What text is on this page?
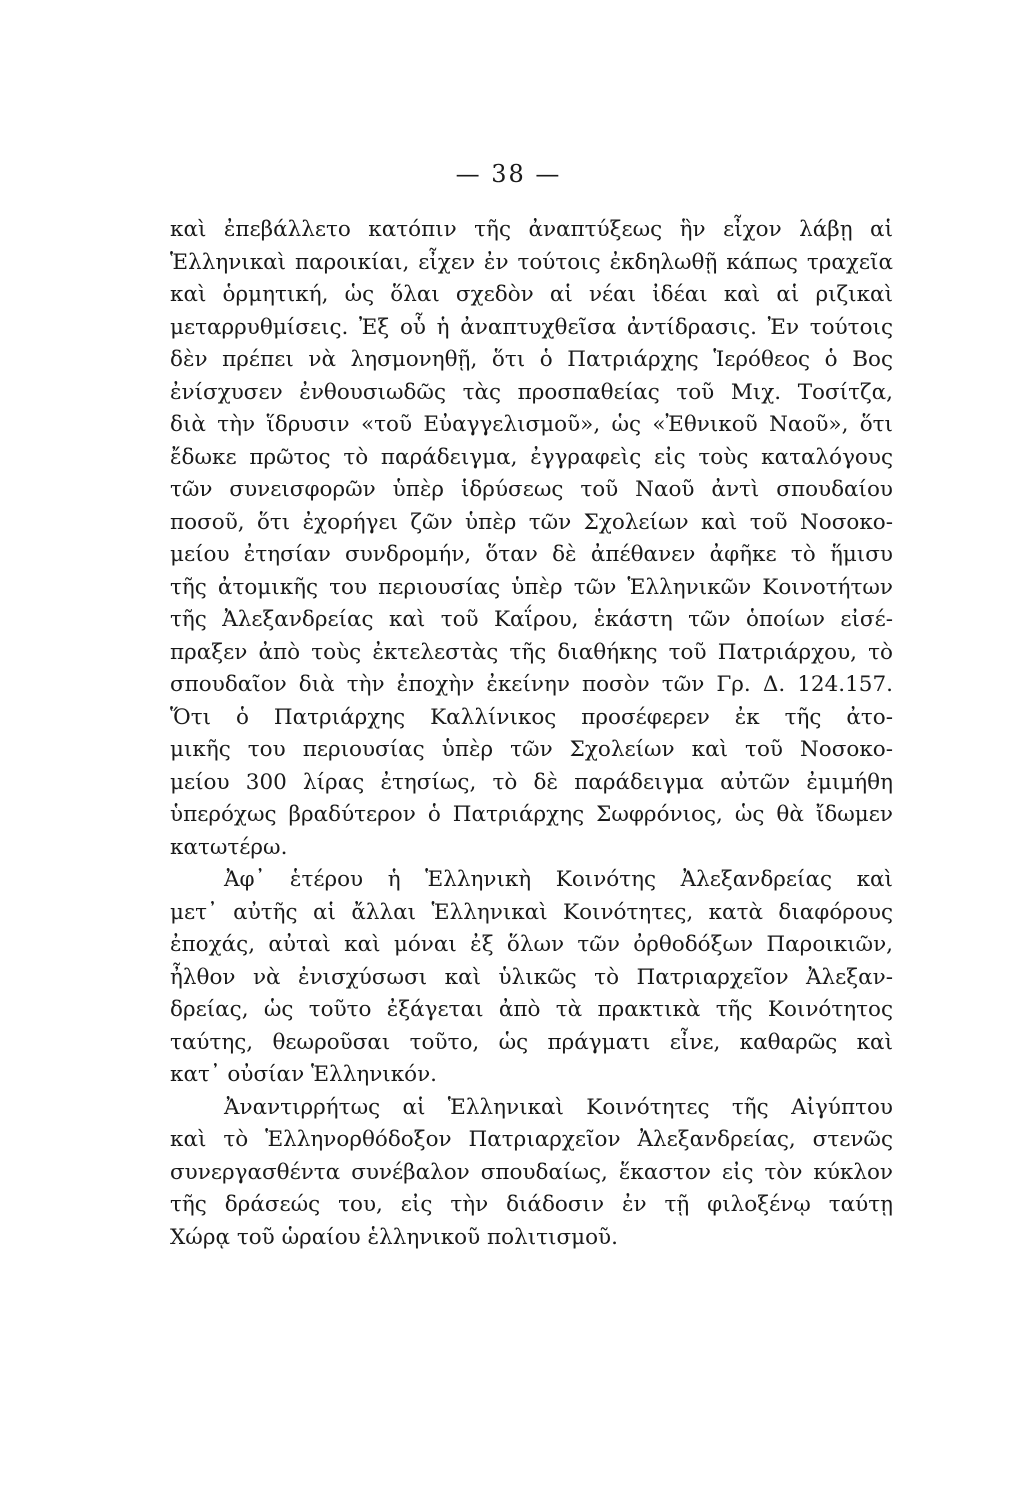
— 38 —
καὶ ἐπεβάλλετο κατόπιν τῆς ἀναπτύξεως ἣν εἶχον λάβῃ αἱ
Ἑλληνικαὶ παροικίαι, εἶχεν ἐν τούτοις ἐκδηλωθῇ κάπως τραχεῖα
καὶ ὁρμητική, ὡς ὅλαι σχεδὸν αἱ νέαι ἰδέαι καὶ αἱ ριζικαὶ
μεταρρυθμίσεις. Ἐξ οὗ ἡ ἀναπτυχθεῖσα ἀντίδρασις. Ἐν τούτοις
δὲν πρέπει νὰ λησμονηθῇ, ὅτι ὁ Πατριάρχης Ἱερόθεος ὁ Βος
ἐνίσχυσεν ἐνθουσιωδῶς τὰς προσπαθείας τοῦ Μιχ. Τοσίτζα,
διὰ τὴν ἵδρυσιν «τοῦ Εὐαγγελισμοῦ», ὡς «Ἐθνικοῦ Ναοῦ», ὅτι
ἔδωκε πρῶτος τὸ παράδειγμα, ἐγγραφεὶς εἰς τοὺς καταλόγους
τῶν συνεισφορῶν ὑπὲρ ἱδρύσεως τοῦ Ναοῦ ἀντὶ σπουδαίου
ποσοῦ, ὅτι ἐχορήγει ζῶν ὑπὲρ τῶν Σχολείων καὶ τοῦ Νοσοκο-
μείου ἐτησίαν συνδρομήν, ὅταν δὲ ἀπέθανεν ἀφῆκε τὸ ἥμισυ
τῆς ἀτομικῆς του περιουσίας ὑπὲρ τῶν Ἑλληνικῶν Κοινοτήτων
τῆς Ἀλεξανδρείας καὶ τοῦ Καΐρου, ἑκάστη τῶν ὁποίων εἰσέ-
πραξεν ἀπὸ τοὺς ἐκτελεστὰς τῆς διαθήκης τοῦ Πατριάρχου, τὸ
σπουδαῖον διὰ τὴν ἐποχὴν ἐκείνην ποσὸν τῶν Γρ. Δ. 124.157.
Ὅτι ὁ Πατριάρχης Καλλίνικος προσέφερεν ἐκ τῆς ἀτο-
μικῆς του περιουσίας ὑπὲρ τῶν Σχολείων καὶ τοῦ Νοσοκο-
μείου 300 λίρας ἐτησίως, τὸ δὲ παράδειγμα αὐτῶν ἐμιμήθη
ὑπερόχως βραδύτερον ὁ Πατριάρχης Σωφρόνιος, ὡς θὰ ἴδωμεν
κατωτέρω.
Ἀφ᾿ ἑτέρου ἡ Ἑλληνικὴ Κοινότης Ἀλεξανδρείας καὶ
μετ᾿ αὐτῆς αἱ ἄλλαι Ἑλληνικαὶ Κοινότητες, κατὰ διαφόρους
ἐποχάς, αὐταὶ καὶ μόναι ἐξ ὅλων τῶν ὀρθοδόξων Παροικιῶν,
ἦλθον νὰ ἐνισχύσωσι καὶ ὑλικῶς τὸ Πατριαρχεῖον Ἀλεξαν-
δρείας, ὡς τοῦτο ἐξάγεται ἀπὸ τὰ πρακτικὰ τῆς Κοινότητος
ταύτης, θεωροῦσαι τοῦτο, ὡς πράγματι εἶνε, καθαρῶς καὶ
κατ᾿ οὐσίαν Ἑλληνικόν.
Ἀναντιρρήτως αἱ Ἑλληνικαὶ Κοινότητες τῆς Αἰγύπτου
καὶ τὸ Ἑλληνορθόδοξον Πατριαρχεῖον Ἀλεξανδρείας, στενῶς
συνεργασθέντα συνέβαλον σπουδαίως, ἕκαστον εἰς τὸν κύκλον
τῆς δράσεώς του, εἰς τὴν διάδοσιν ἐν τῇ φιλοξένῳ ταύτῃ
Χώρᾳ τοῦ ὡραίου ἑλληνικοῦ πολιτισμοῦ.
